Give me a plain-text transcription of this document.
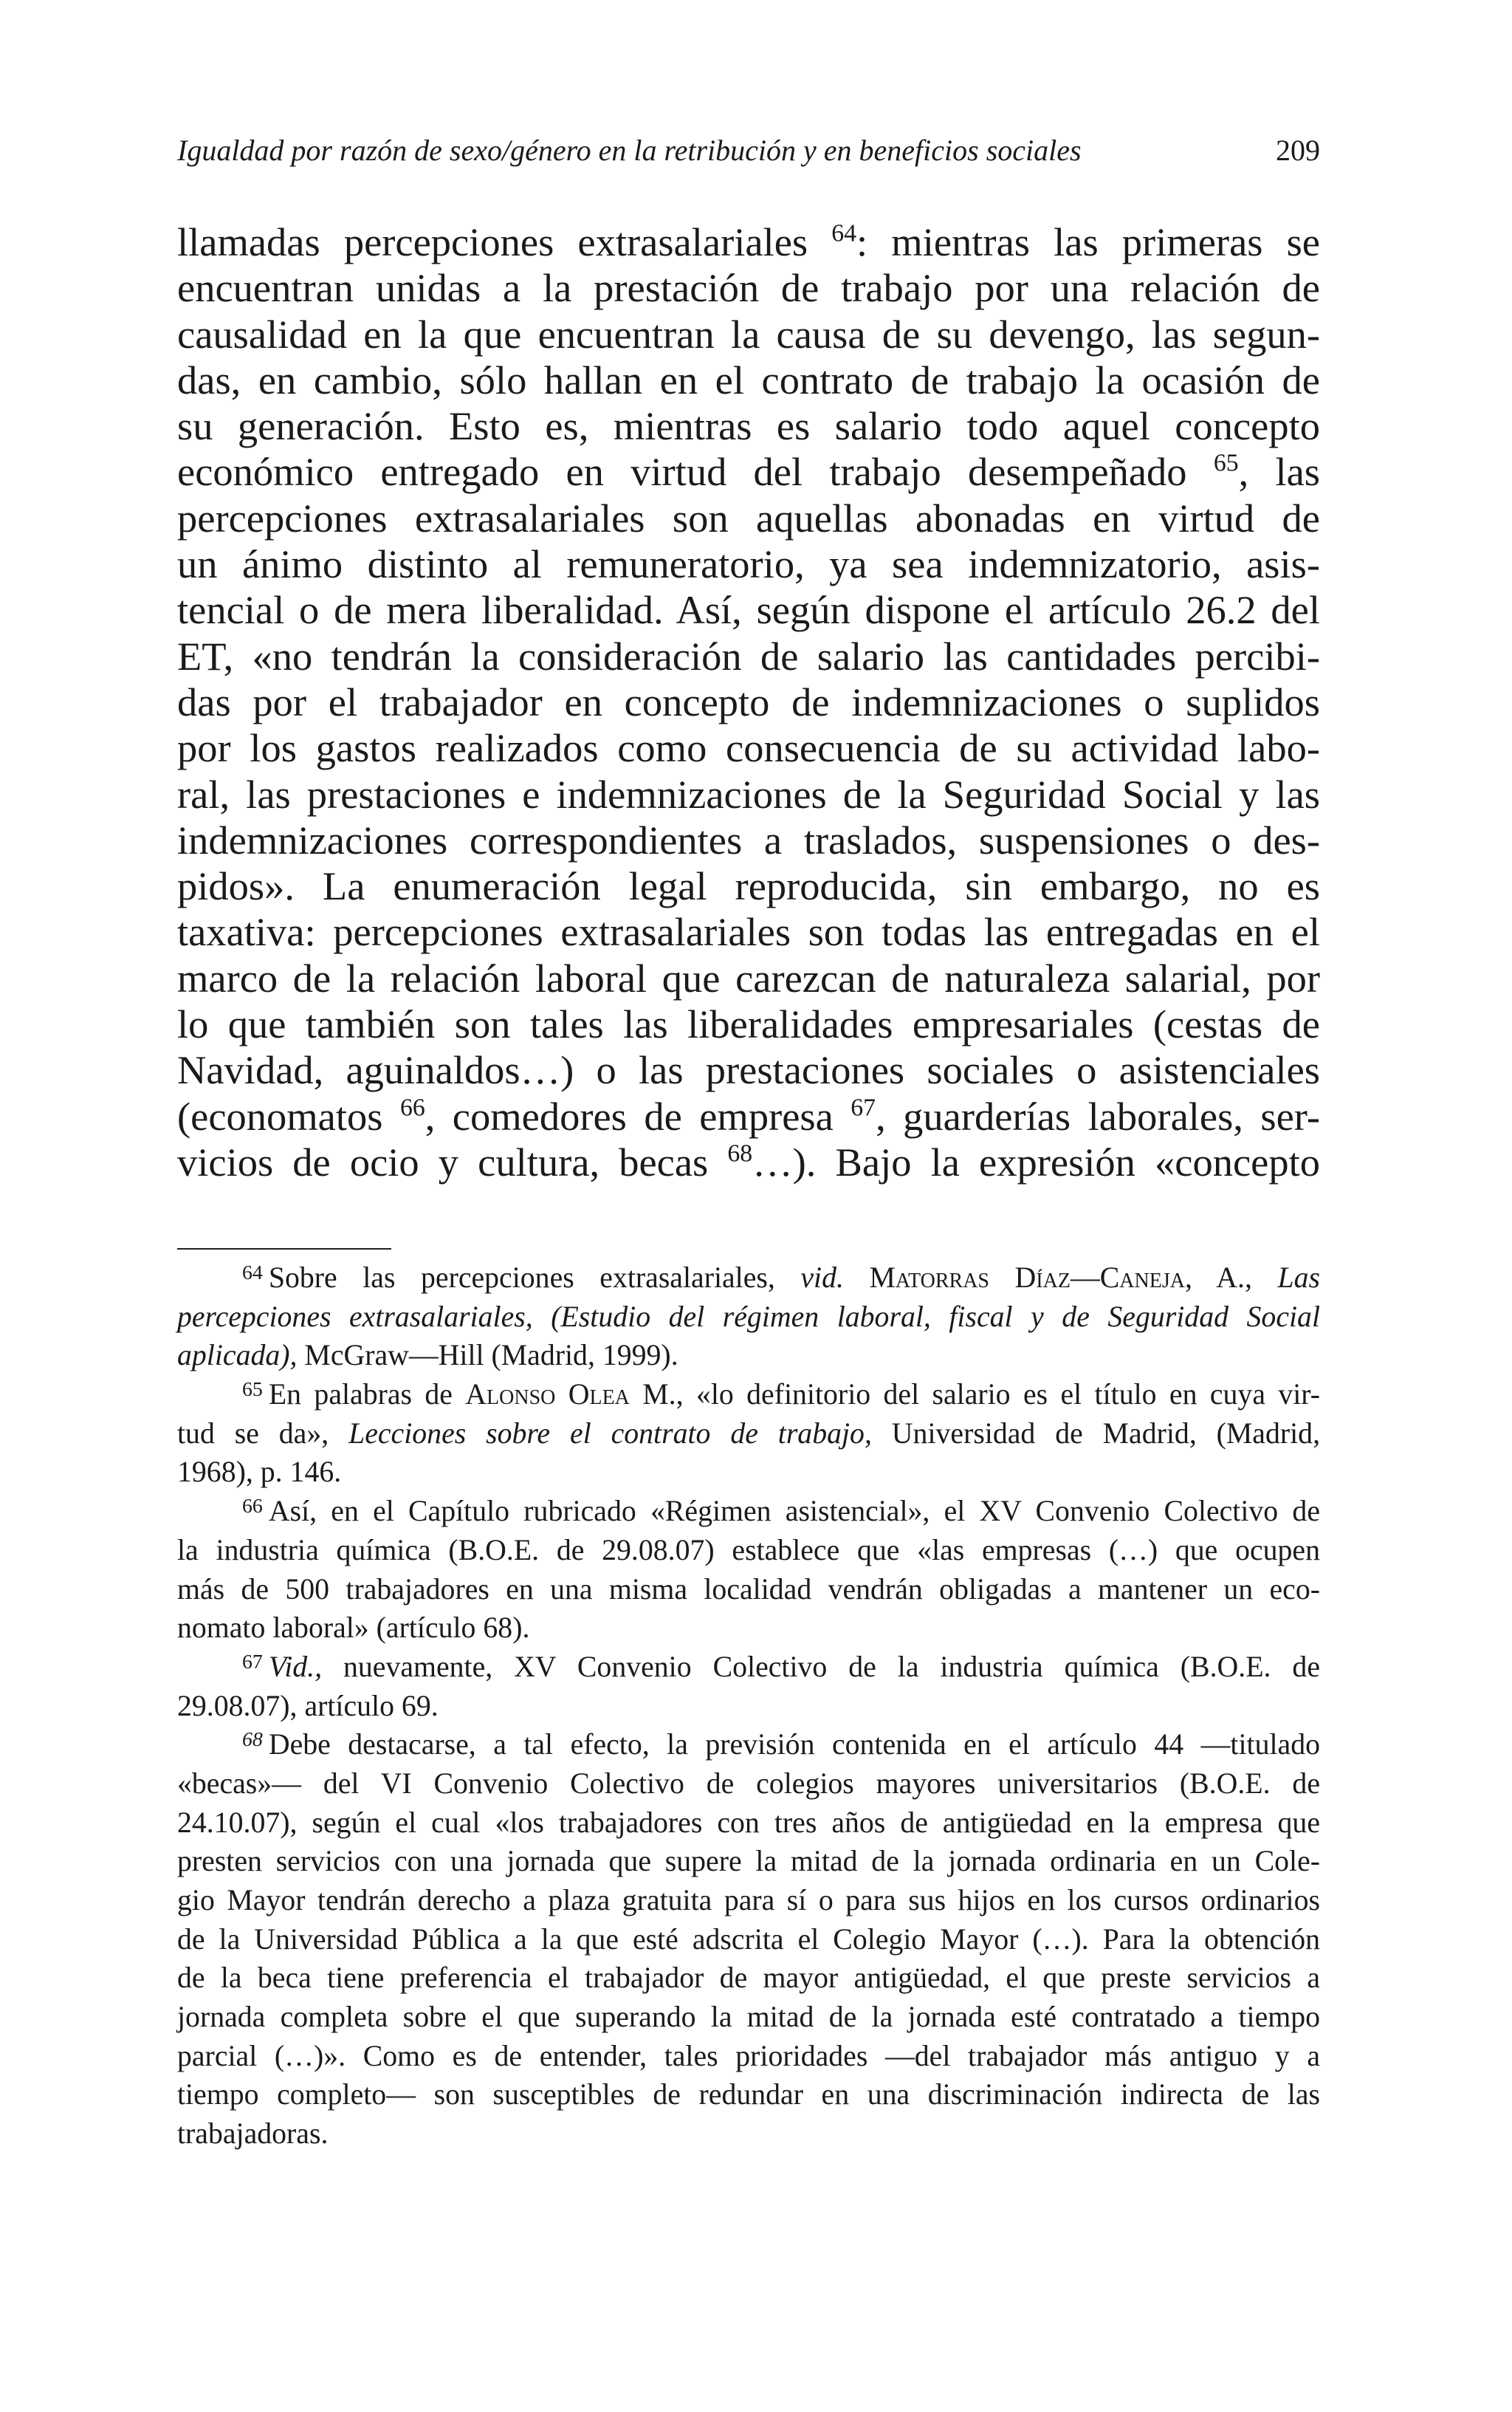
Igualdad por razón de sexo/género en la retribución y en beneficios sociales	209
llamadas percepciones extrasalariales $^{64}$: mientras las primeras se
encuentran unidas a la prestación de trabajo por una relación de
causalidad en la que encuentran la causa de su devengo, las segun-
das, en cambio, sólo hallan en el contrato de trabajo la ocasión de
su generación. Esto es, mientras es salario todo aquel concepto
económico entregado en virtud del trabajo desempeñado $^{65}$, las
percepciones extrasalariales son aquellas abonadas en virtud de
un ánimo distinto al remuneratorio, ya sea indemnizatorio, asis-
tencial o de mera liberalidad. Así, según dispone el artículo 26.2 del
ET, «no tendrán la consideración de salario las cantidades percibi-
das por el trabajador en concepto de indemnizaciones o suplidos
por los gastos realizados como consecuencia de su actividad labo-
ral, las prestaciones e indemnizaciones de la Seguridad Social y las
indemnizaciones correspondientes a traslados, suspensiones o des-
pidos». La enumeración legal reproducida, sin embargo, no es
taxativa: percepciones extrasalariales son todas las entregadas en el
marco de la relación laboral que carezcan de naturaleza salarial, por
lo que también son tales las liberalidades empresariales (cestas de
Navidad, aguinaldos…) o las prestaciones sociales o asistenciales
(economatos $^{66}$, comedores de empresa $^{67}$, guarderías laborales, ser-
vicios de ocio y cultura, becas $^{68}$…). Bajo la expresión «concepto
$^{64}$ Sobre las percepciones extrasalariales, vid. Matorras Díaz—Caneja, A., Las
percepciones extrasalariales, (Estudio del régimen laboral, fiscal y de Seguridad Social
aplicada), McGraw—Hill (Madrid, 1999).
$^{65}$ En palabras de Alonso Olea M., «lo definitorio del salario es el título en cuya vir-
tud se da», Lecciones sobre el contrato de trabajo, Universidad de Madrid, (Madrid,
1968), p. 146.
$^{66}$ Así, en el Capítulo rubricado «Régimen asistencial», el XV Convenio Colectivo de
la industria química (B.O.E. de 29.08.07) establece que «las empresas (…) que ocupen
más de 500 trabajadores en una misma localidad vendrán obligadas a mantener un eco-
nomato laboral» (artículo 68).
$^{67}$ Vid., nuevamente, XV Convenio Colectivo de la industria química (B.O.E. de
29.08.07), artículo 69.
$^{68}$ Debe destacarse, a tal efecto, la previsión contenida en el artículo 44 —titulado
«becas»— del VI Convenio Colectivo de colegios mayores universitarios (B.O.E. de
24.10.07), según el cual «los trabajadores con tres años de antigüedad en la empresa que
presten servicios con una jornada que supere la mitad de la jornada ordinaria en un Cole-
gio Mayor tendrán derecho a plaza gratuita para sí o para sus hijos en los cursos ordinarios
de la Universidad Pública a la que esté adscrita el Colegio Mayor (…). Para la obtención
de la beca tiene preferencia el trabajador de mayor antigüedad, el que preste servicios a
jornada completa sobre el que superando la mitad de la jornada esté contratado a tiempo
parcial (…)». Como es de entender, tales prioridades —del trabajador más antiguo y a
tiempo completo— son susceptibles de redundar en una discriminación indirecta de las
trabajadoras.
